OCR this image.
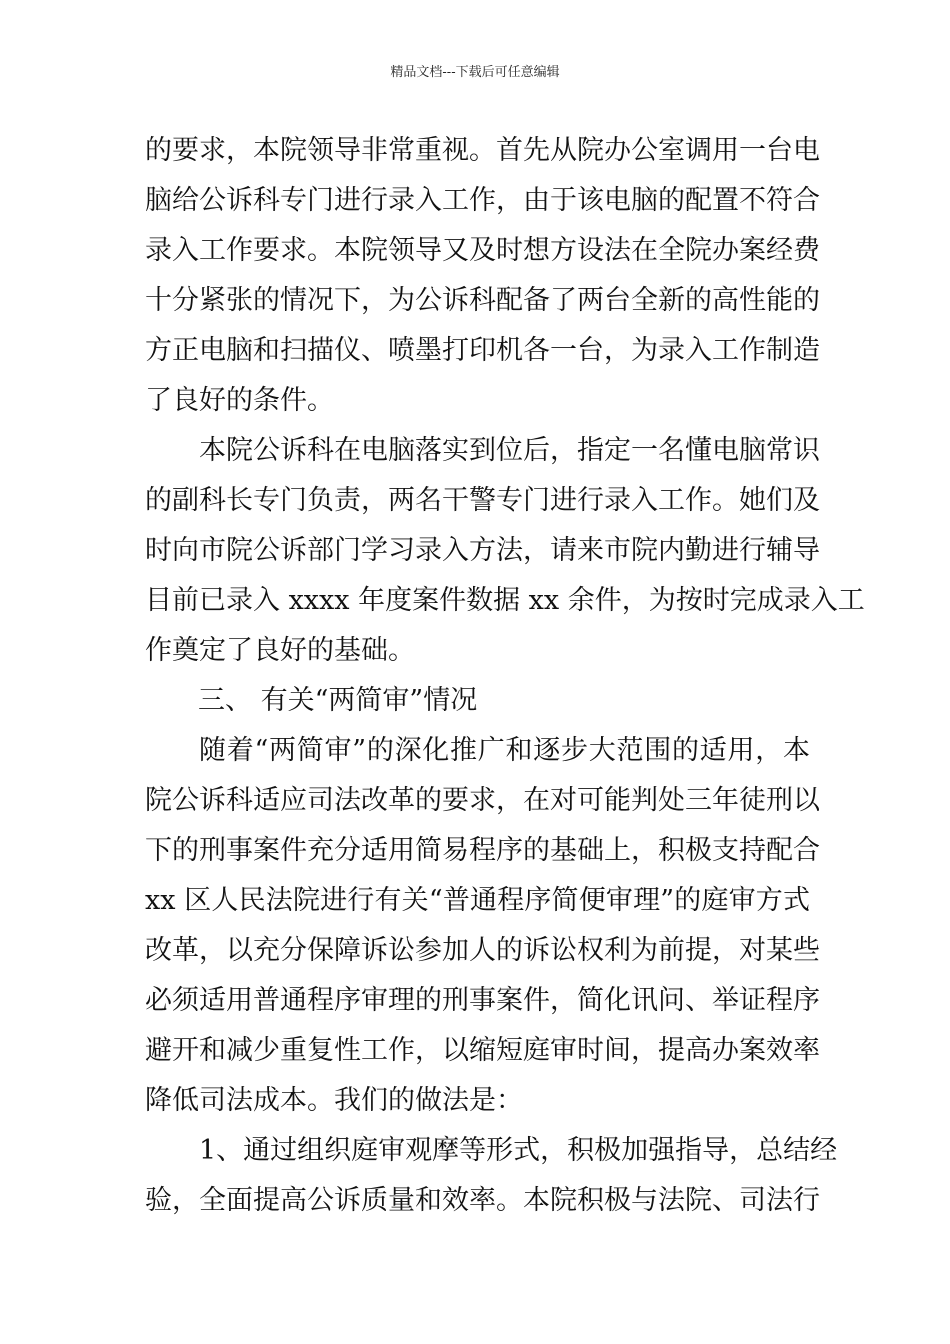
精品文档---下载后可任意编辑
的要求，本院领导非常重视。首先从院办公室调用一台电
脑给公诉科专门进行录入工作，由于该电脑的配置不符合
录入工作要求。本院领导又及时想方设法在全院办案经费
十分紧张的情况下，为公诉科配备了两台全新的高性能的
方正电脑和扫描仪、喷墨打印机各一台，为录入工作制造
了良好的条件。
本院公诉科在电脑落实到位后，指定一名懂电脑常识
的副科长专门负责，两名干警专门进行录入工作。她们及
时向市院公诉部门学习录入方法，请来市院内勤进行辅导
目前已录入 xxxx 年度案件数据 xx 余件，为按时完成录入工
作奠定了良好的基础。
三、 有关“两简审”情况
随着“两简审”的深化推广和逐步大范围的适用，本
院公诉科适应司法改革的要求，在对可能判处三年徒刑以
下的刑事案件充分适用简易程序的基础上，积极支持配合
xx 区人民法院进行有关“普通程序简便审理”的庭审方式
改革，以充分保障诉讼参加人的诉讼权利为前提，对某些
必须适用普通程序审理的刑事案件，简化讯问、举证程序
避开和减少重复性工作，以缩短庭审时间，提高办案效率
降低司法成本。我们的做法是：
1、通过组织庭审观摩等形式，积极加强指导，总结经
验，全面提高公诉质量和效率。本院积极与法院、司法行
